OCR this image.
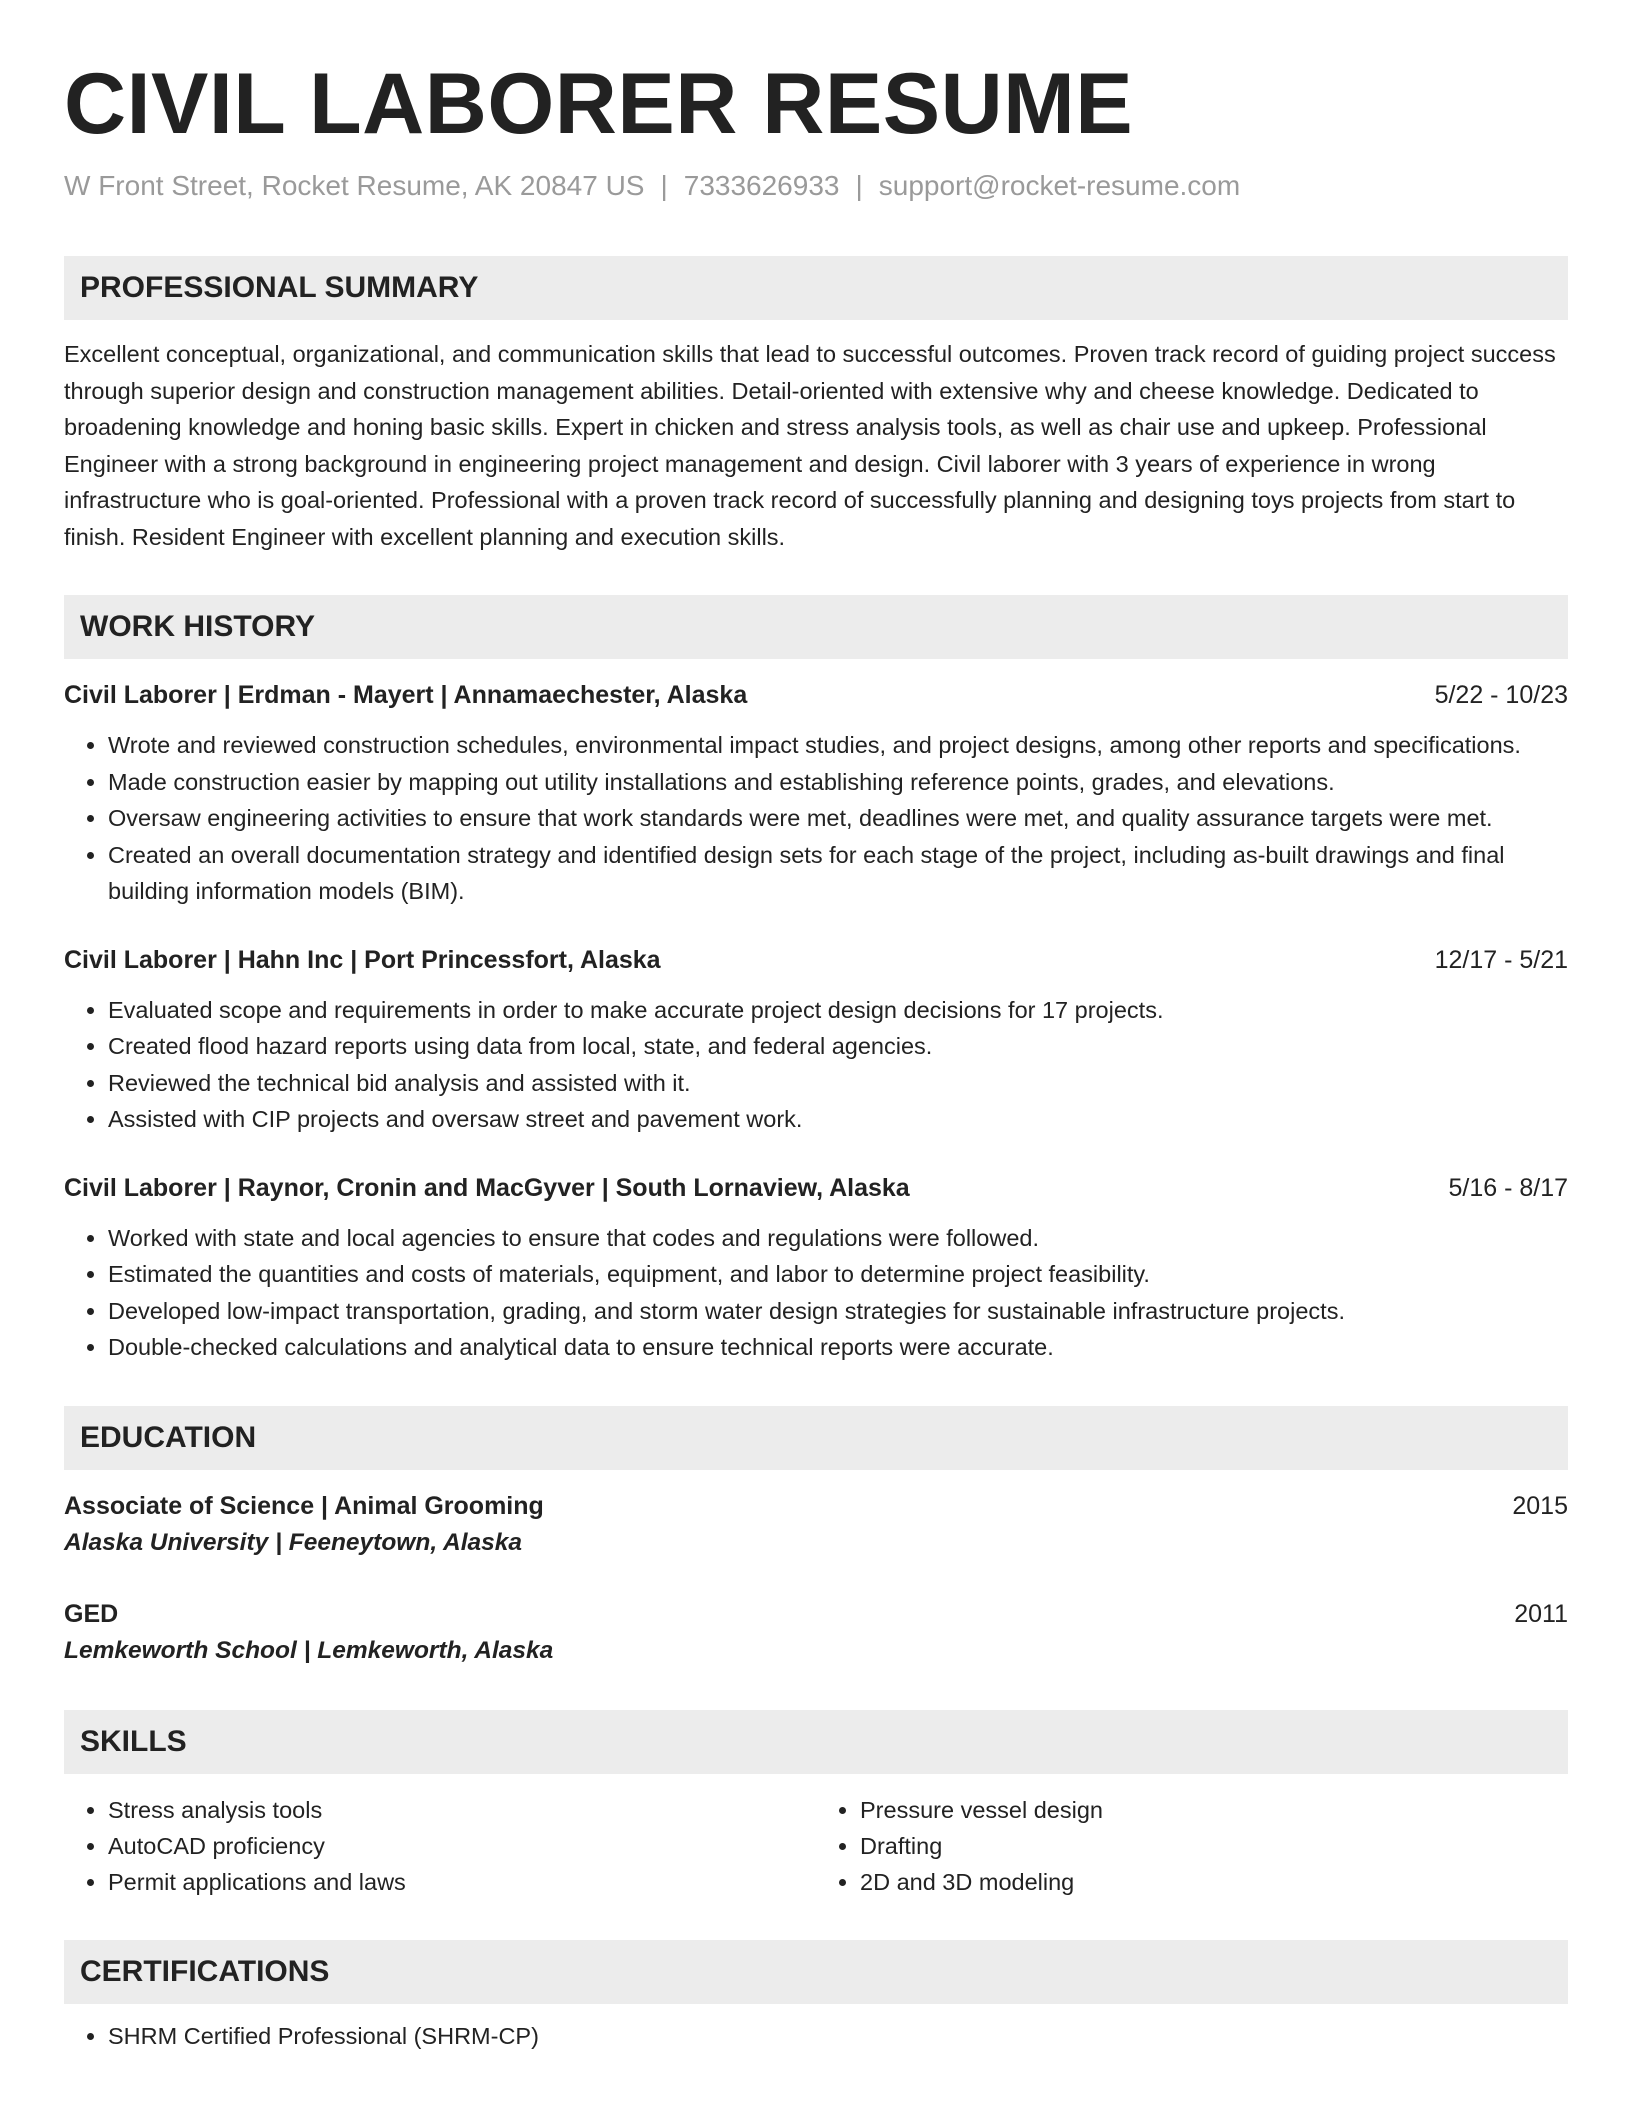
CIVIL LABORER RESUME
W Front Street, Rocket Resume, AK 20847 US | 7333626933 | support@rocket-resume.com
PROFESSIONAL SUMMARY
Excellent conceptual, organizational, and communication skills that lead to successful outcomes. Proven track record of guiding project success through superior design and construction management abilities. Detail-oriented with extensive why and cheese knowledge. Dedicated to broadening knowledge and honing basic skills. Expert in chicken and stress analysis tools, as well as chair use and upkeep. Professional Engineer with a strong background in engineering project management and design. Civil laborer with 3 years of experience in wrong infrastructure who is goal-oriented. Professional with a proven track record of successfully planning and designing toys projects from start to finish. Resident Engineer with excellent planning and execution skills.
WORK HISTORY
Civil Laborer | Erdman - Mayert | Annamaechester, Alaska	5/22 - 10/23
• Wrote and reviewed construction schedules, environmental impact studies, and project designs, among other reports and specifications.
• Made construction easier by mapping out utility installations and establishing reference points, grades, and elevations.
• Oversaw engineering activities to ensure that work standards were met, deadlines were met, and quality assurance targets were met.
• Created an overall documentation strategy and identified design sets for each stage of the project, including as-built drawings and final building information models (BIM).
Civil Laborer | Hahn Inc | Port Princessfort, Alaska	12/17 - 5/21
• Evaluated scope and requirements in order to make accurate project design decisions for 17 projects.
• Created flood hazard reports using data from local, state, and federal agencies.
• Reviewed the technical bid analysis and assisted with it.
• Assisted with CIP projects and oversaw street and pavement work.
Civil Laborer | Raynor, Cronin and MacGyver | South Lornaview, Alaska	5/16 - 8/17
• Worked with state and local agencies to ensure that codes and regulations were followed.
• Estimated the quantities and costs of materials, equipment, and labor to determine project feasibility.
• Developed low-impact transportation, grading, and storm water design strategies for sustainable infrastructure projects.
• Double-checked calculations and analytical data to ensure technical reports were accurate.
EDUCATION
Associate of Science | Animal Grooming	2015
Alaska University | Feeneytown, Alaska
GED	2011
Lemkeworth School | Lemkeworth, Alaska
SKILLS
• Stress analysis tools
• AutoCAD proficiency
• Permit applications and laws
• Pressure vessel design
• Drafting
• 2D and 3D modeling
CERTIFICATIONS
• SHRM Certified Professional (SHRM-CP)
